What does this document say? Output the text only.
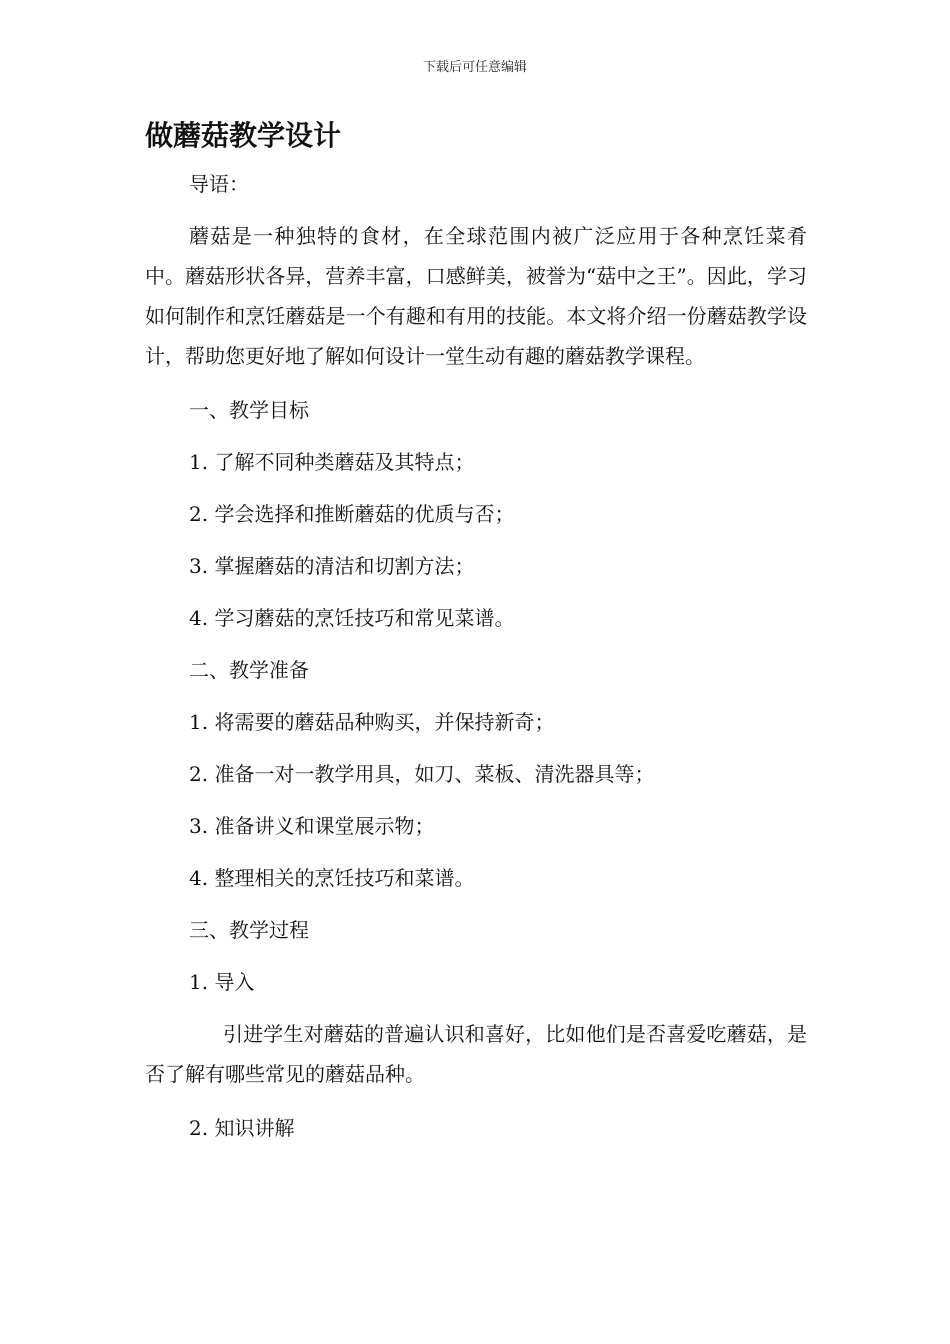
下载后可任意编辑
做蘑菇教学设计

导语：

蘑菇是一种独特的食材，在全球范围内被广泛应用于各种烹饪菜肴中。蘑菇形状各异，营养丰富，口感鲜美，被誉为“菇中之王”。因此，学习如何制作和烹饪蘑菇是一个有趣和有用的技能。本文将介绍一份蘑菇教学设计，帮助您更好地了解如何设计一堂生动有趣的蘑菇教学课程。

一、教学目标

1. 了解不同种类蘑菇及其特点；

2. 学会选择和推断蘑菇的优质与否；

3. 掌握蘑菇的清洁和切割方法；

4. 学习蘑菇的烹饪技巧和常见菜谱。

二、教学准备

1. 将需要的蘑菇品种购买，并保持新奇；

2. 准备一对一教学用具，如刀、菜板、清洗器具等；

3. 准备讲义和课堂展示物；

4. 整理相关的烹饪技巧和菜谱。

三、教学过程

1. 导入

引进学生对蘑菇的普遍认识和喜好，比如他们是否喜爱吃蘑菇，是否了解有哪些常见的蘑菇品种。

2. 知识讲解
